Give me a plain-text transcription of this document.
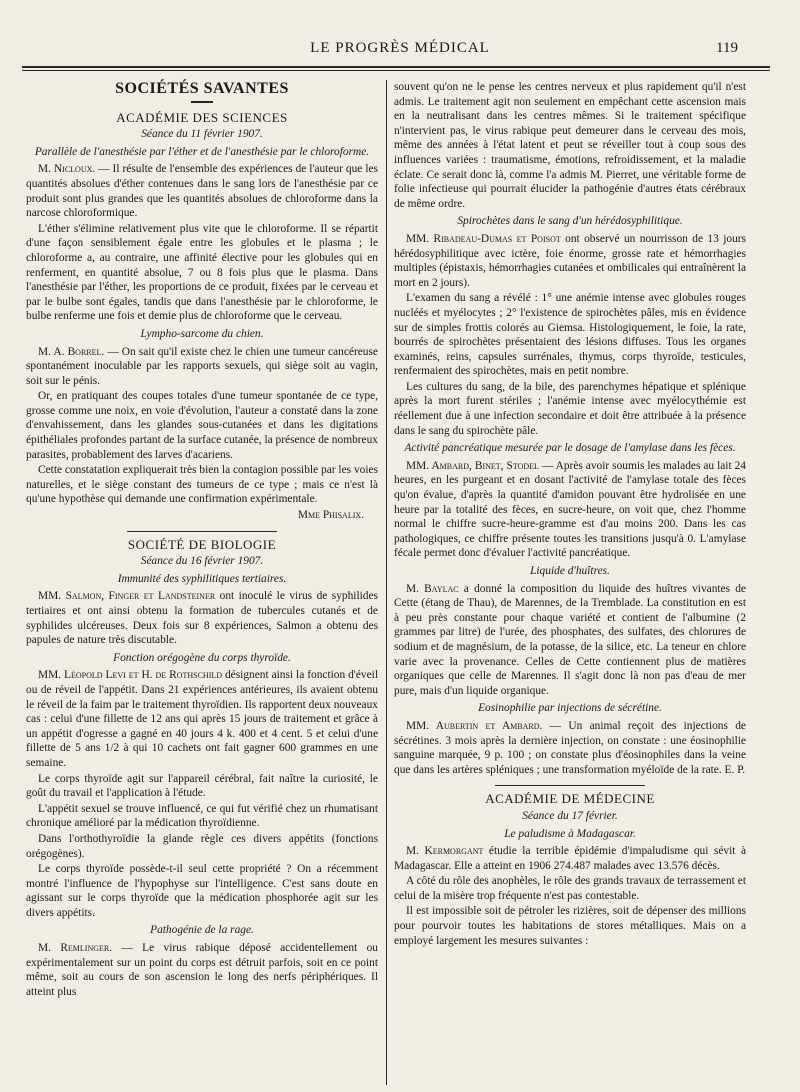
LE PROGRÈS MÉDICAL	119
SOCIÉTÉS SAVANTES
ACADÉMIE DES SCIENCES
Séance du 11 février 1907.
Parallèle de l'anesthésie par l'éther et de l'anesthésie par le chloroforme.

M. Nicloux. — Il résulte de l'ensemble des expériences de l'auteur que les quantités absolues d'éther contenues dans le sang lors de l'anesthésie par ce produit sont plus grandes que les quantités absolues de chloroforme dans la narcose chloroformique.

L'éther s'élimine relativement plus vite que le chloroforme. Il se répartit d'une façon sensiblement égale entre les globules et le plasma ; le chloroforme a, au contraire, une affinité élective pour les globules qui en renferment, en quantité absolue, 7 ou 8 fois plus que le plasma. Dans l'anesthésie par l'éther, les proportions de ce produit, fixées par le cerveau et par le bulbe sont égales, tandis que dans l'anesthésie par le chloroforme, le bulbe renferme une fois et demie plus de chloroforme que le cerveau.

Lympho-sarcome du chien.

M. A. Borrel. — On sait qu'il existe chez le chien une tumeur cancéreuse spontanément inoculable par les rapports sexuels, qui siège soit au vagin, soit sur le pénis.

Or, en pratiquant des coupes totales d'une tumeur spontanée de ce type, grosse comme une noix, en voie d'évolution, l'auteur a constaté dans la zone d'envahissement, dans les glandes sous-cutanées et dans les digitations épithéliales profondes partant de la surface cutanée, la présence de nombreux parasites, probablement des larves d'acariens.

Cette constatation expliquerait très bien la contagion possible par les voies naturelles, et le siège constant des tumeurs de ce type ; mais ce n'est là qu'une hypothèse qui demande une confirmation expérimentale.

Mme Phisalix.
SOCIÉTÉ DE BIOLOGIE
Séance du 16 février 1907.
Immunité des syphilitiques tertiaires.

MM. Salmon, Finger et Landsteiner ont inoculé le virus de syphilides tertiaires et ont ainsi obtenu la formation de tubercules cutanés et de syphilides ulcéreuses. Deux fois sur 8 expériences, Salmon a obtenu des papules de nature très discutable.

Fonction orégogène du corps thyroïde.

MM. Léopold Levi et H. de Rothschild désignent ainsi la fonction d'éveil ou de réveil de l'appétit. Dans 21 expériences antérieures, ils avaient obtenu le réveil de la faim par le traitement thyroïdien. Ils rapportent deux nouveaux cas : celui d'une fillette de 12 ans qui après 15 jours de traitement et grâce à un appétit d'ogresse a gagné en 40 jours 4 k. 400 et 4 cent. 5 et celui d'une fillette de 5 ans 1/2 à qui 10 cachets ont fait gagner 600 grammes en une semaine.

Le corps thyroïde agit sur l'appareil cérébral, fait naître la curiosité, le goût du travail et l'application à l'étude.

L'appétit sexuel se trouve influencé, ce qui fut vérifié chez un rhumatisant chronique amélioré par la médication thyroïdienne.

Dans l'orthothyroïdie la glande règle ces divers appétits (fonctions orégogènes).

Le corps thyroïde possède-t-il seul cette propriété ? On a récemment montré l'influence de l'hypophyse sur l'intelligence. C'est sans doute en agissant sur le corps thyroïde que la médication phosphorée agit sur les divers appétits.

Pathogénie de la rage.

M. Remlinger. — Le virus rabique déposé accidentellement ou expérimentalement sur un point du corps est détruit parfois, soit en ce point même, soit au cours de son ascension le long des nerfs périphériques. Il atteint plus

souvent qu'on ne le pense les centres nerveux et plus rapidement qu'il n'est admis. Le traitement agit non seulement en empêchant cette ascension mais en la neutralisant dans les centres mêmes. Si le traitement spécifique n'intervient pas, le virus rabique peut demeurer dans le cerveau des mois, même des années à l'état latent et peut se réveiller tout à coup sous des influences variées : traumatisme, émotions, refroidissement, et la maladie éclate. Ce serait donc là, comme l'a admis M. Pierret, une véritable forme de folie infectieuse qui pourrait élucider la pathogénie d'autres états cérébraux de même ordre.

Spirochètes dans le sang d'un hérédosyphilitique.

MM. Ribadeau-Dumas et Poisot ont observé un nourrisson de 13 jours hérédosyphilitique avec ictère, foie énorme, grosse rate et hémorrhagies multiples (épistaxis, hémorrhagies cutanées et ombilicales qui entraînèrent la mort en 2 jours).

L'examen du sang a révélé : 1° une anémie intense avec globules rouges nucléés et myélocytes ; 2° l'existence de spirochètes pâles, mis en évidence sur de simples frottis colorés au Giemsa. Histologiquement, le foie, la rate, bourrés de spirochètes présentaient des lésions diffuses. Tous les organes examinés, reins, capsules surrénales, thymus, corps thyroïde, testicules, renfermaient des spirochètes, mais en petit nombre.

Les cultures du sang, de la bile, des parenchymes hépatique et splénique après la mort furent stériles ; l'anémie intense avec myélocythémie est réellement due à une infection secondaire et doit être attribuée à la présence dans le sang du spirochète pâle.

Activité pancréatique mesurée par le dosage de l'amylase dans les fèces.

MM. Ambard, Binet, Stodel — Après avoir soumis les malades au lait 24 heures, en les purgeant et en dosant l'activité de l'amylase totale des fèces qu'on évalue, d'après la quantité d'amidon pouvant être hydrolisée en une heure par la totalité des fèces, en sucre-heure, on voit que, chez l'homme normal le chiffre sucre-heure-gramme est d'au moins 200. Dans les cas pathologiques, ce chiffre présente toutes les transitions jusqu'à 0. L'amylase fécale permet donc d'évaluer l'activité pancréatique.

Liquide d'huîtres.

M. Baylac a donné la composition du liquide des huîtres vivantes de Cette (étang de Thau), de Marennes, de la Tremblade. La constitution en est à peu près constante pour chaque variété et contient de l'albumine (2 grammes par litre) de l'urée, des phosphates, des sulfates, des chlorures de sodium et de magnésium, de la potasse, de la silice, etc. La teneur en chlore varie avec la provenance. Celles de Cette contiennent plus de matières organiques que celle de Marennes. Il s'agit donc là non pas d'eau de mer pure, mais d'un liquide organique.

Eosinophilie par injections de sécrétine.

MM. Aubertin et Ambard. — Un animal reçoit des injections de sécrétines. 3 mois après la dernière injection, on constate : une éosinophilie sanguine marquée, 9 p. 100 ; on constate plus d'éosinophiles dans la veine que dans les artères spléniques ; une transformation myéloïde de la rate. E. P.

ACADÉMIE DE MÉDECINE
Séance du 17 février.
Le paludisme à Madagascar.

M. Kermorgant étudie la terrible épidémie d'impaludisme qui sévit à Madagascar. Elle a atteint en 1906 274.487 malades avec 13.576 décès.

A côté du rôle des anophèles, le rôle des grands travaux de terrassement et celui de la misère trop fréquente n'est pas contestable.

Il est impossible soit de pétroler les rizières, soit de dépenser des millions pour pourvoir toutes les habitations de stores métalliques. Mais on a employé largement les mesures suivantes :
